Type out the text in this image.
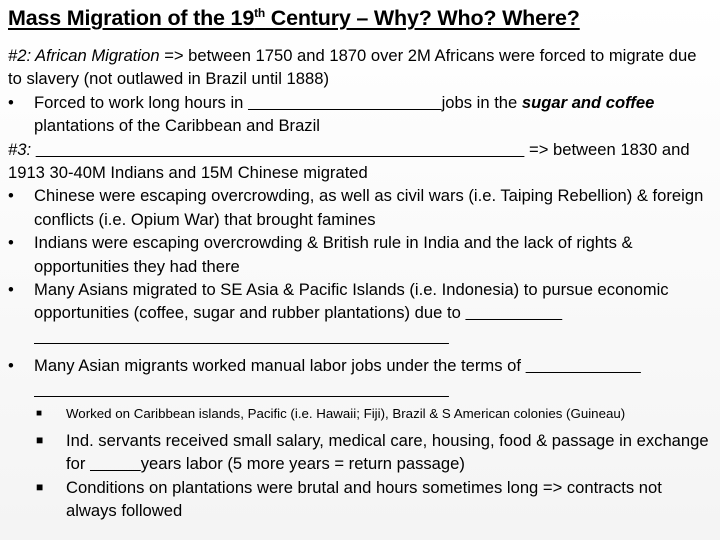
Mass Migration of the 19th Century – Why? Who? Where?

#2: African Migration => between 1750 and 1870 over 2M Africans were forced to migrate due to slavery (not outlawed in Brazil until 1888)

• Forced to work long hours in	jobs in the sugar and coffee plantations of the Caribbean and Brazil

#3:	=> between 1830 and 1913 30-40M Indians and 15M Chinese migrated

• Chinese were escaping overcrowding, as well as civil wars (i.e. Taiping Rebellion) & foreign conflicts (i.e. Opium War) that brought famines

• Indians were escaping overcrowding & British rule in India and the lack of rights & opportunities they had there

• Many Asians migrated to SE Asia & Pacific Islands (i.e. Indonesia) to pursue economic opportunities (coffee, sugar and rubber plantations) due to

• Many Asian migrants worked manual labor jobs under the terms of

■ Worked on Caribbean islands, Pacific (i.e. Hawaii; Fiji), Brazil & S American colonies (Guineau)

■ Ind. servants received small salary, medical care, housing, food & passage in exchange for	years labor (5 more years = return passage)

■ Conditions on plantations were brutal and hours sometimes long => contracts not always followed
